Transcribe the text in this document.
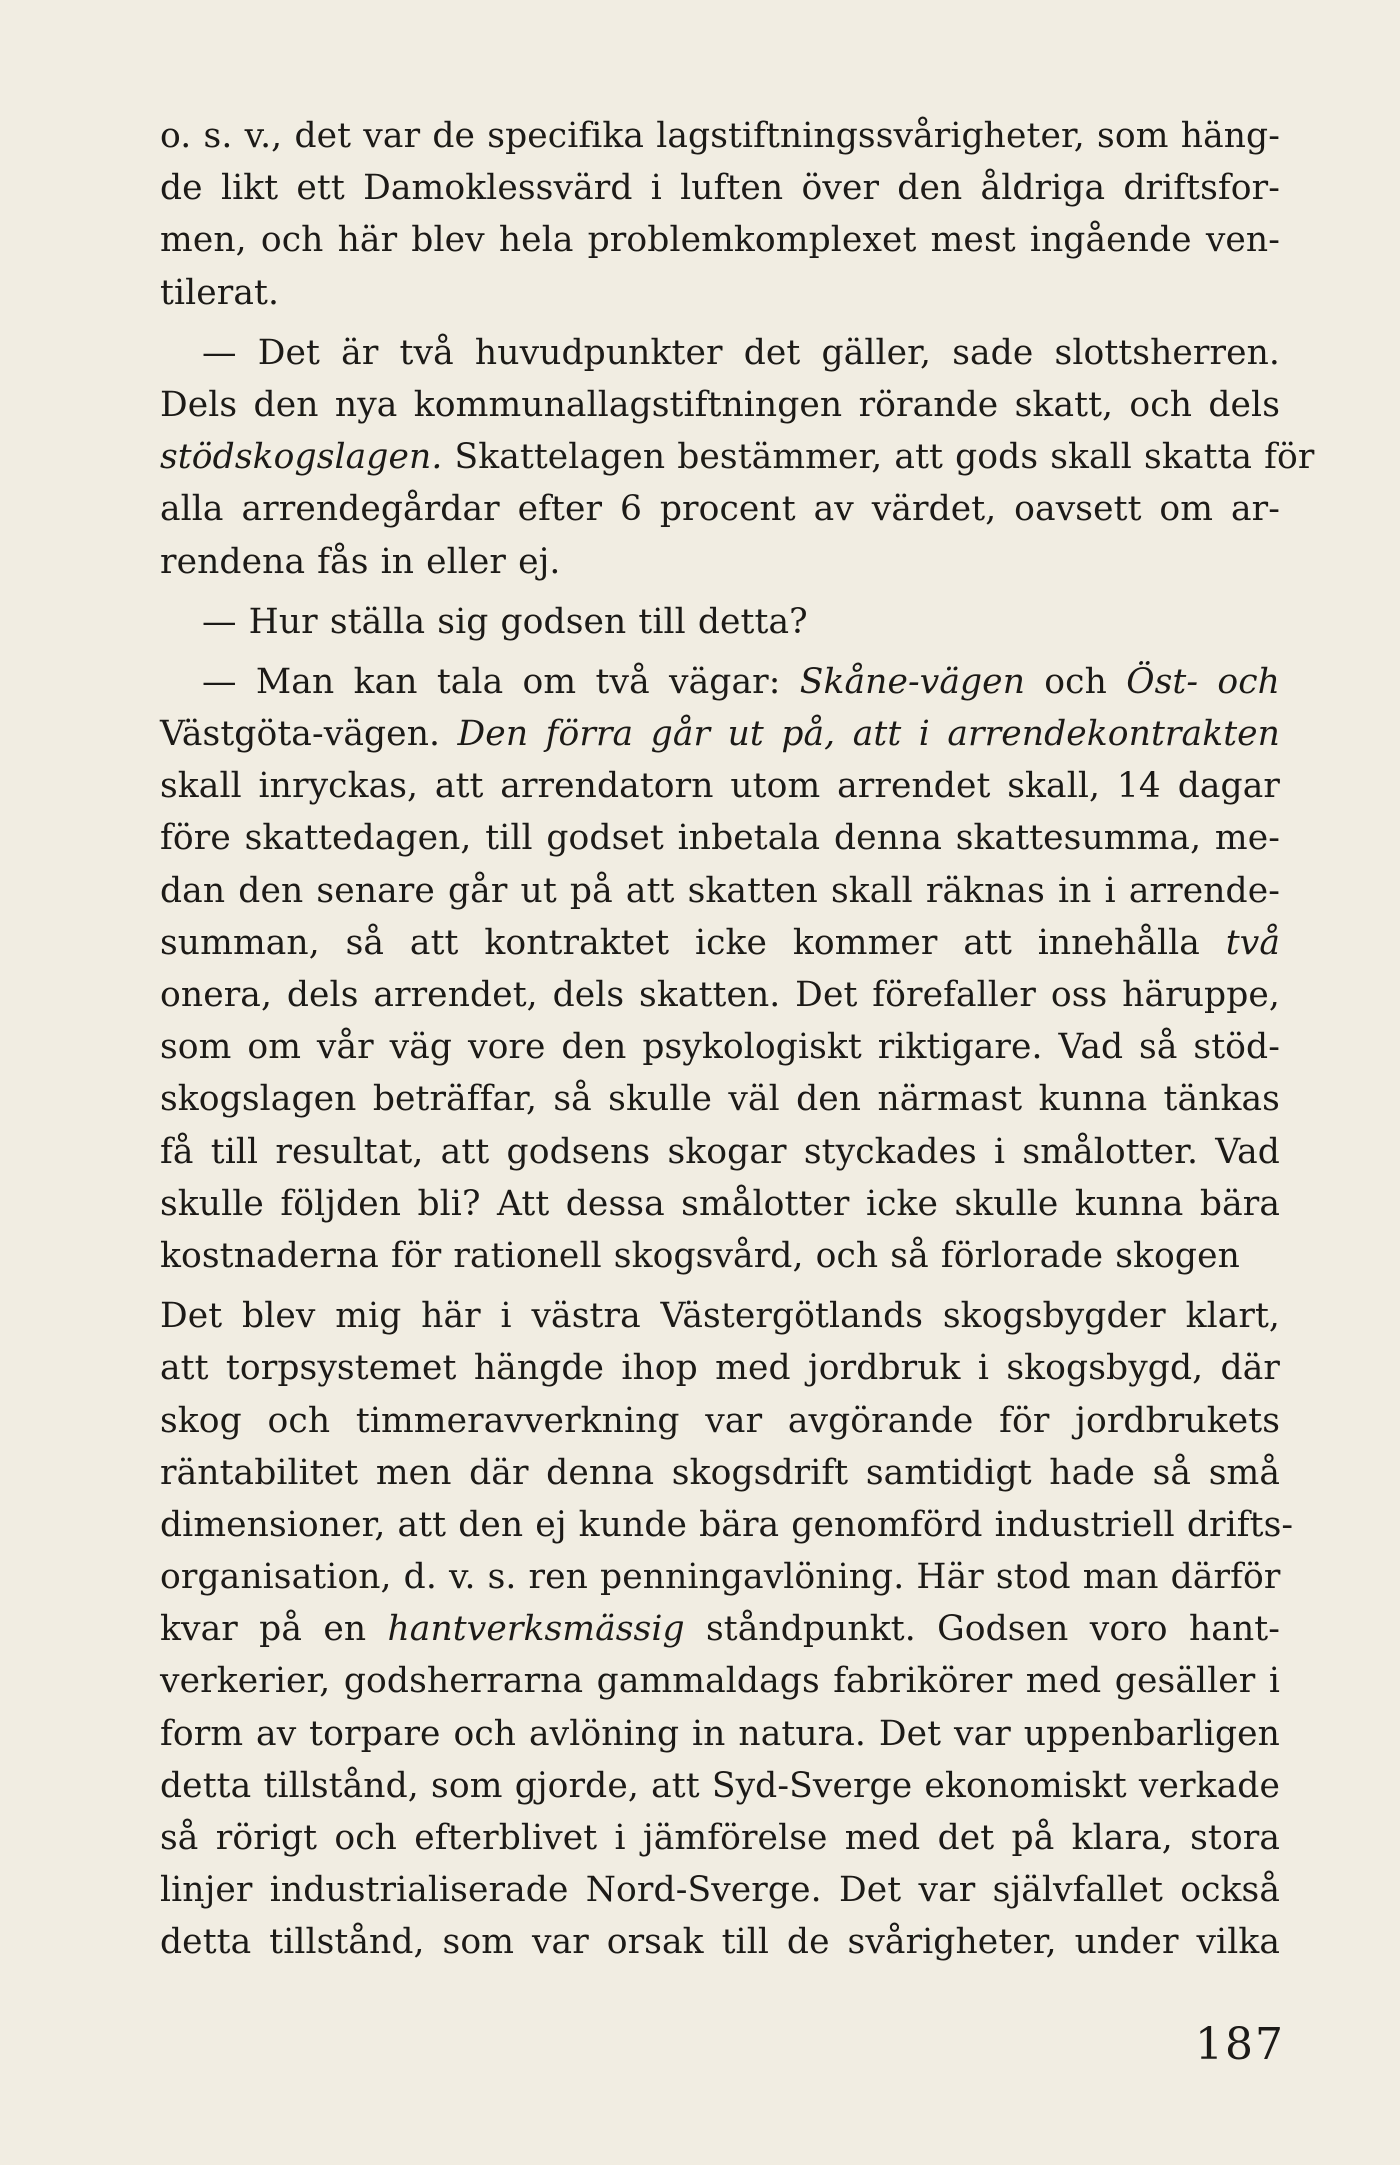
o. s. v., det var de specifika lagstiftningssvårigheter, som häng-
de likt ett Damoklessvärd i luften över den åldriga driftsfor-
men, och här blev hela problemkomplexet mest ingående ven-
tilerat.
— Det är två huvudpunkter det gäller, sade slottsherren.
Dels den nya kommunallagstiftningen rörande skatt, och dels
stödskogslagen. Skattelagen bestämmer, att gods skall skatta för
alla arrendegårdar efter 6 procent av värdet, oavsett om ar-
rendena fås in eller ej.
— Hur ställa sig godsen till detta?
— Man kan tala om två vägar: Skåne-vägen och Öst- och
Västgöta-vägen. Den förra går ut på, att i arrendekontrakten
skall inryckas, att arrendatorn utom arrendet skall, 14 dagar
före skattedagen, till godset inbetala denna skattesumma, me-
dan den senare går ut på att skatten skall räknas in i arrende-
summan, så att kontraktet icke kommer att innehålla två
onera, dels arrendet, dels skatten. Det förefaller oss häruppe,
som om vår väg vore den psykologiskt riktigare. Vad så stöd-
skogslagen beträffar, så skulle väl den närmast kunna tänkas
få till resultat, att godsens skogar styckades i smålotter. Vad
skulle följden bli? Att dessa smålotter icke skulle kunna bära
kostnaderna för rationell skogsvård, och så förlorade skogen
Det blev mig här i västra Västergötlands skogsbygder klart,
att torpsystemet hängde ihop med jordbruk i skogsbygd, där
skog och timmeravverkning var avgörande för jordbrukets
räntabilitet men där denna skogsdrift samtidigt hade så små
dimensioner, att den ej kunde bära genomförd industriell drifts-
organisation, d. v. s. ren penningavlöning. Här stod man därför
kvar på en hantverksmässig ståndpunkt. Godsen voro hant-
verkerier, godsherrarna gammaldags fabrikörer med gesäller i
form av torpare och avlöning in natura. Det var uppenbarligen
detta tillstånd, som gjorde, att Syd-Sverge ekonomiskt verkade
så rörigt och efterblivet i jämförelse med det på klara, stora
linjer industrialiserade Nord-Sverge. Det var självfallet också
detta tillstånd, som var orsak till de svårigheter, under vilka
187
